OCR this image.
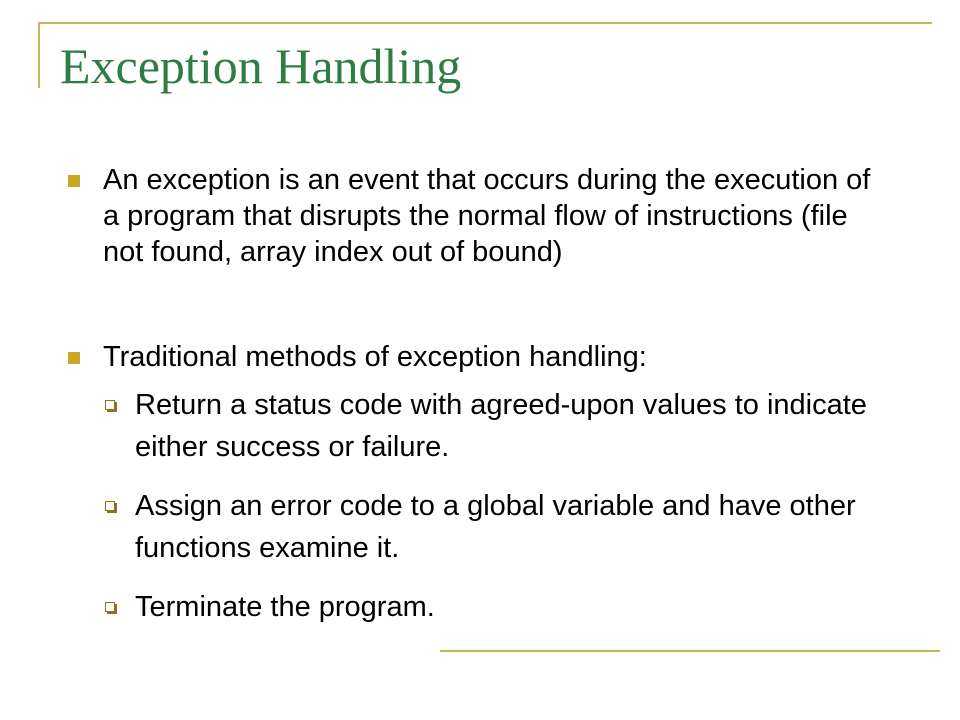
Exception Handling
An exception is an event that occurs during the execution of a program that disrupts the normal flow of instructions (file not found, array index out of bound)
Traditional methods of exception handling:
Return a status code with agreed-upon values to indicate either success or failure.
Assign an error code to a global variable and have other functions examine it.
Terminate the program.
